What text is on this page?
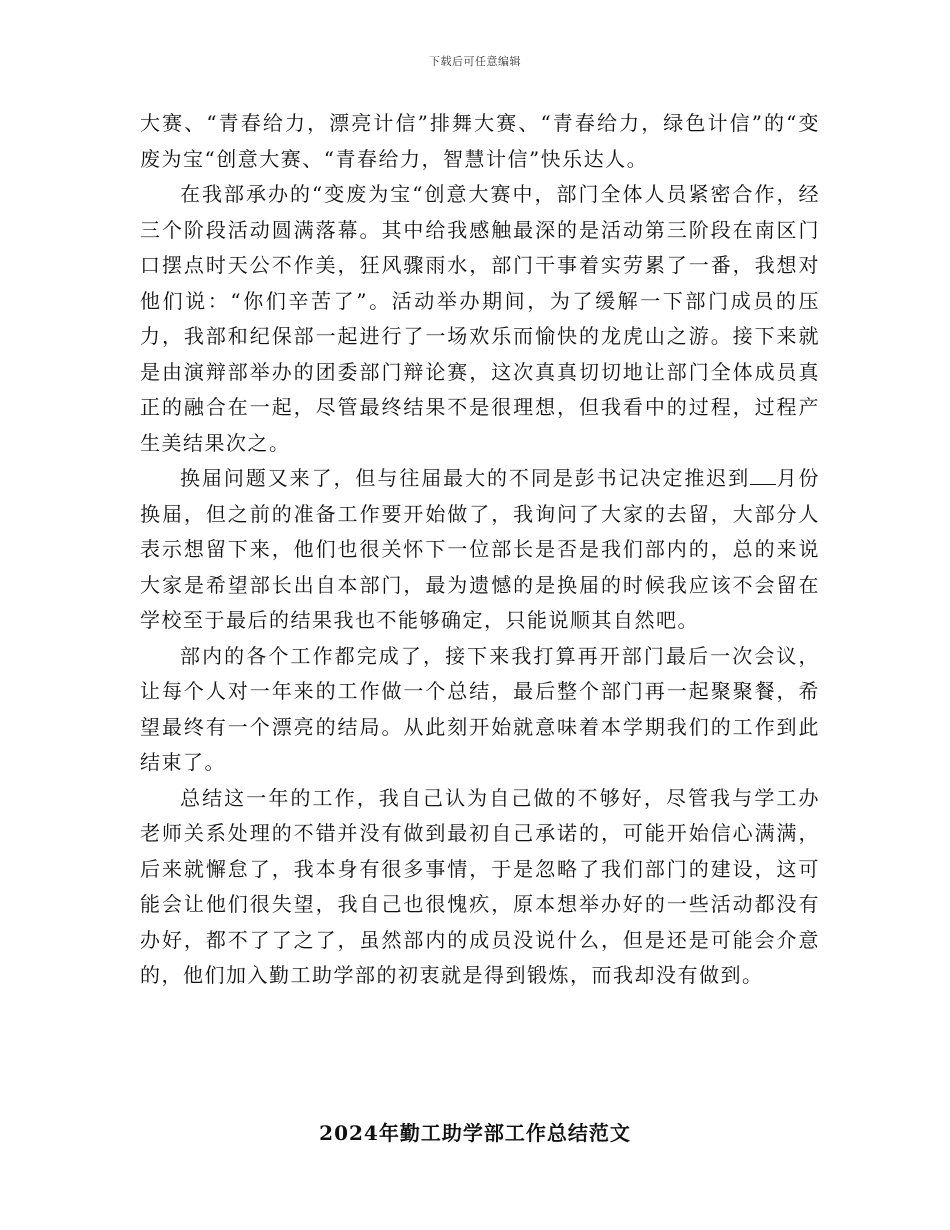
下载后可任意编辑

大赛、“青春给力，漂亮计信”排舞大赛、“青春给力，绿色计信”的“变废为宝“创意大赛、“青春给力，智慧计信”快乐达人。

在我部承办的“变废为宝“创意大赛中，部门全体人员紧密合作，经三个阶段活动圆满落幕。其中给我感触最深的是活动第三阶段在南区门口摆点时天公不作美，狂风骤雨水，部门干事着实劳累了一番，我想对他们说：“你们辛苦了”。活动举办期间，为了缓解一下部门成员的压力，我部和纪保部一起进行了一场欢乐而愉快的龙虎山之游。接下来就是由演辩部举办的团委部门辩论赛，这次真真切切地让部门全体成员真正的融合在一起，尽管最终结果不是很理想，但我看中的过程，过程产生美结果次之。

换届问题又来了，但与往届最大的不同是彭书记决定推迟到 月份换届，但之前的准备工作要开始做了，我询问了大家的去留，大部分人表示想留下来，他们也很关怀下一位部长是否是我们部内的，总的来说大家是希望部长出自本部门，最为遗憾的是换届的时候我应该不会留在学校至于最后的结果我也不能够确定，只能说顺其自然吧。

部内的各个工作都完成了，接下来我打算再开部门最后一次会议，让每个人对一年来的工作做一个总结，最后整个部门再一起聚聚餐，希望最终有一个漂亮的结局。从此刻开始就意味着本学期我们的工作到此结束了。

总结这一年的工作，我自己认为自己做的不够好，尽管我与学工办老师关系处理的不错并没有做到最初自己承诺的，可能开始信心满满，后来就懈怠了，我本身有很多事情，于是忽略了我们部门的建设，这可能会让他们很失望，我自己也很愧疚，原本想举办好的一些活动都没有办好，都不了了之了，虽然部内的成员没说什么，但是还是可能会介意的，他们加入勤工助学部的初衷就是得到锻炼，而我却没有做到。

2024年勤工助学部工作总结范文
